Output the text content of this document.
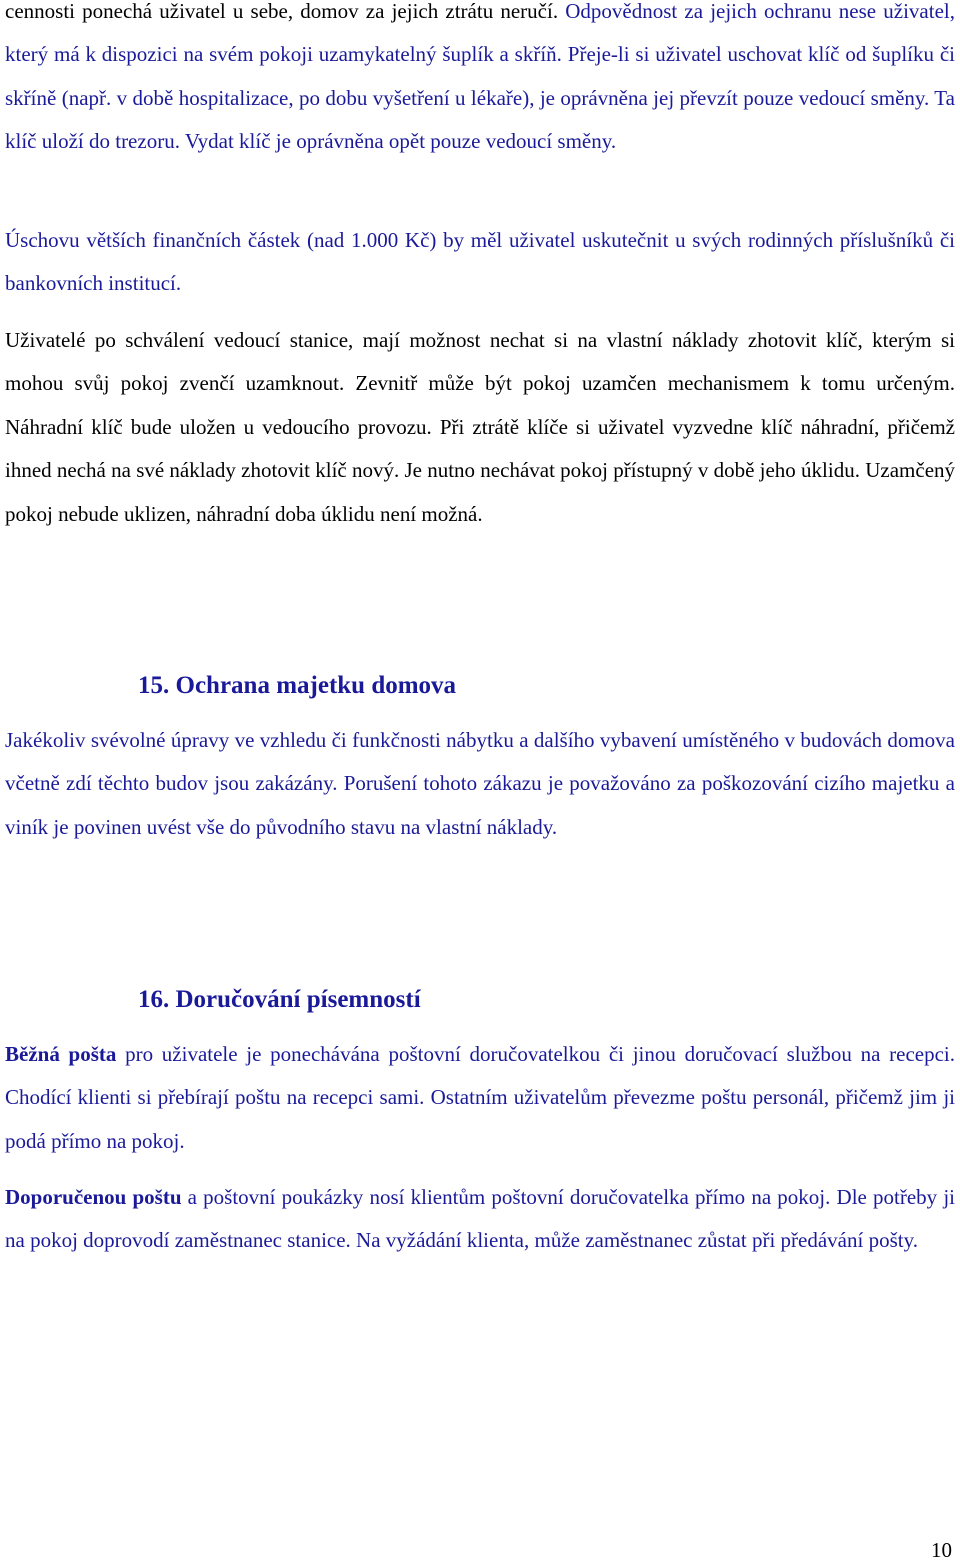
cennosti ponechá uživatel u sebe, domov za jejich ztrátu neručí. Odpovědnost za jejich ochranu nese uživatel, který má k dispozici na svém pokoji uzamykatelný šuplík a skříň. Přeje-li si uživatel uschovat klíč od šuplíku či skříně (např. v době hospitalizace, po dobu vyšetření u lékaře), je oprávněna jej převzít pouze vedoucí směny. Ta klíč uloží do trezoru. Vydat klíč je oprávněna opět pouze vedoucí směny.

Úschovu větších finančních částek (nad 1.000 Kč) by měl uživatel uskutečnit u svých rodinných příslušníků či bankovních institucí.

Uživatelé po schválení vedoucí stanice, mají možnost nechat si na vlastní náklady zhotovit klíč, kterým si mohou svůj pokoj zvenčí uzamknout. Zevnitř může být pokoj uzamčen mechanismem k tomu určeným. Náhradní klíč bude uložen u vedoucího provozu. Při ztrátě klíče si uživatel vyzvedne klíč náhradní, přičemž ihned nechá na své náklady zhotovit klíč nový. Je nutno nechávat pokoj přístupný v době jeho úklidu. Uzamčený pokoj nebude uklizen, náhradní doba úklidu není možná.

15. Ochrana majetku domova

Jakékoliv svévolné úpravy ve vzhledu či funkčnosti nábytku a dalšího vybavení umístěného v budovách domova včetně zdí těchto budov jsou zakázány. Porušení tohoto zákazu je považováno za poškozování cizího majetku a viník je povinen uvést vše do původního stavu na vlastní náklady.

16. Doručování písemností

Běžná pošta pro uživatele je ponechávána poštovní doručovatelkou či jinou doručovací službou na recepci. Chodící klienti si přebírají poštu na recepci sami. Ostatním uživatelům převezme poštu personál, přičemž jim ji podá přímo na pokoj.

Doporučenou poštu a poštovní poukázky nosí klientům poštovní doručovatelka přímo na pokoj. Dle potřeby ji na pokoj doprovodí zaměstnanec stanice. Na vyžádání klienta, může zaměstnanec zůstat při předávání pošty.

10
